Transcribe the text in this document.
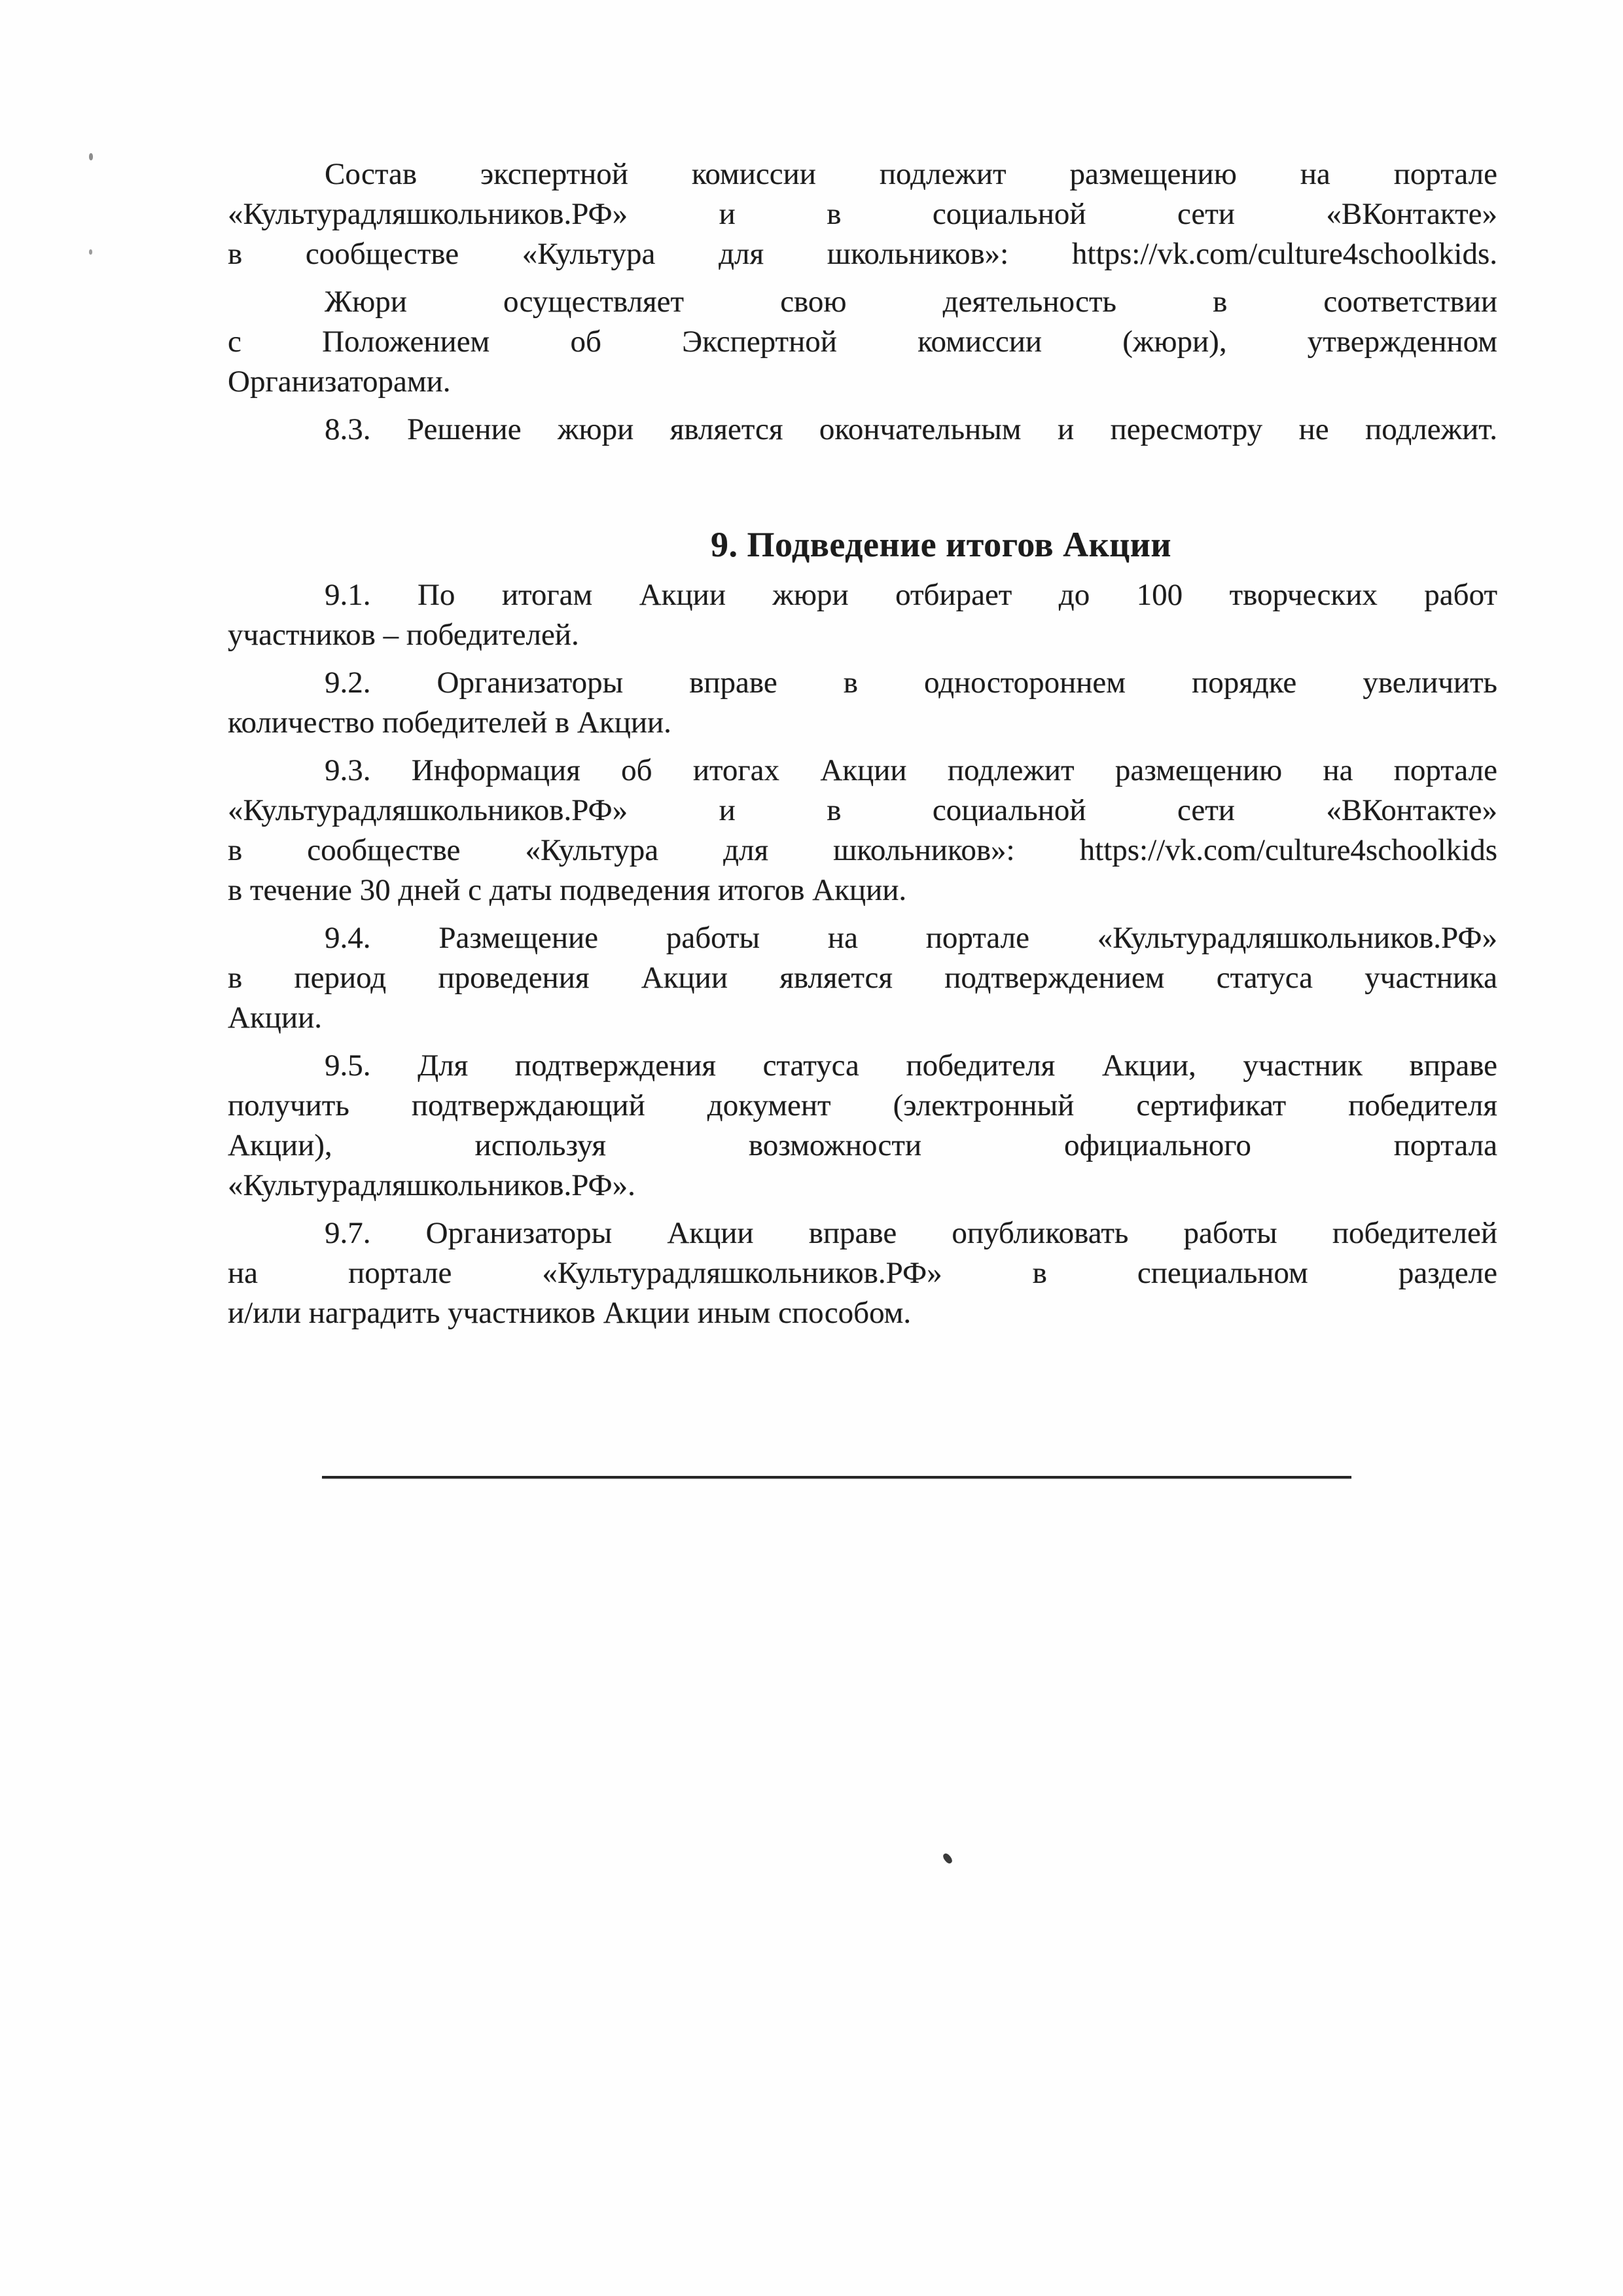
Состав экспертной комиссии подлежит размещению на портале
«Культурадляшкольников.РФ» и в социальной сети «ВКонтакте»
в сообществе «Культура для школьников»: https://vk.com/culture4schoolkids.
Жюри осуществляет свою деятельность в соответствии
с Положением об Экспертной комиссии (жюри), утвержденном
Организаторами.
8.3. Решение жюри является окончательным и пересмотру не подлежит.
9. Подведение итогов Акции
9.1. По итогам Акции жюри отбирает до 100 творческих работ
участников – победителей.
9.2. Организаторы вправе в одностороннем порядке увеличить
количество победителей в Акции.
9.3. Информация об итогах Акции подлежит размещению на портале
«Культурадляшкольников.РФ» и в социальной сети «ВКонтакте»
в сообществе «Культура для школьников»: https://vk.com/culture4schoolkids
в течение 30 дней с даты подведения итогов Акции.
9.4. Размещение работы на портале «Культурадляшкольников.РФ»
в период проведения Акции является подтверждением статуса участника
Акции.
9.5. Для подтверждения статуса победителя Акции, участник вправе
получить подтверждающий документ (электронный сертификат победителя
Акции), используя возможности официального портала
«Культурадляшкольников.РФ».
9.7. Организаторы Акции вправе опубликовать работы победителей
на портале «Культурадляшкольников.РФ» в специальном разделе
и/или наградить участников Акции иным способом.
